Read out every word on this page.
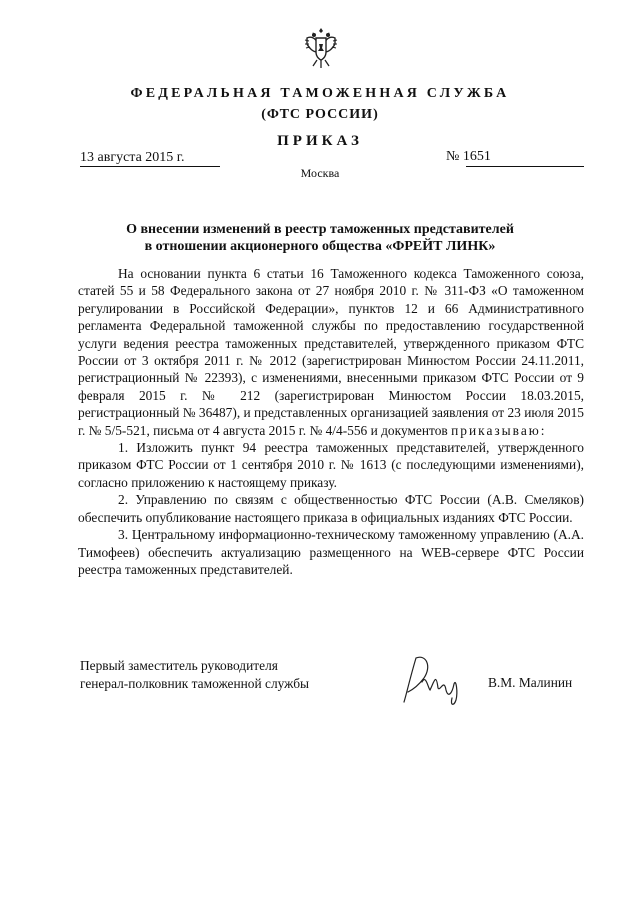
ФЕДЕРАЛЬНАЯ ТАМОЖЕННАЯ СЛУЖБА
(ФТС РОССИИ)
ПРИКАЗ
13 августа 2015 г.	№ 1651
Москва
О внесении изменений в реестр таможенных представителей
в отношении акционерного общества «ФРЕЙТ ЛИНК»

На основании пункта 6 статьи 16 Таможенного кодекса Таможенного союза, статей 55 и 58 Федерального закона от 27 ноября 2010 г. № 311-ФЗ «О таможенном регулировании в Российской Федерации», пунктов 12 и 66 Административного регламента Федеральной таможенной службы по предоставлению государственной услуги ведения реестра таможенных представителей, утвержденного приказом ФТС России от 3 октября 2011 г. № 2012 (зарегистрирован Минюстом России 24.11.2011, регистрационный № 22393), с изменениями, внесенными приказом ФТС России от 9 февраля 2015 г. № 212 (зарегистрирован Минюстом России 18.03.2015, регистрационный № 36487), и представленных организацией заявления от 23 июля 2015 г. № 5/5-521, письма от 4 августа 2015 г. № 4/4-556 и документов приказываю:

1. Изложить пункт 94 реестра таможенных представителей, утвержденного приказом ФТС России от 1 сентября 2010 г. № 1613 (с последующими изменениями), согласно приложению к настоящему приказу.

2. Управлению по связям с общественностью ФТС России (А.В. Смеляков) обеспечить опубликование настоящего приказа в официальных изданиях ФТС России.

3. Центральному информационно-техническому таможенному управлению (А.А. Тимофеев) обеспечить актуализацию размещенного на WEB-сервере ФТС России реестра таможенных представителей.

Первый заместитель руководителя
генерал-полковник таможенной службы	В.М. Малинин
